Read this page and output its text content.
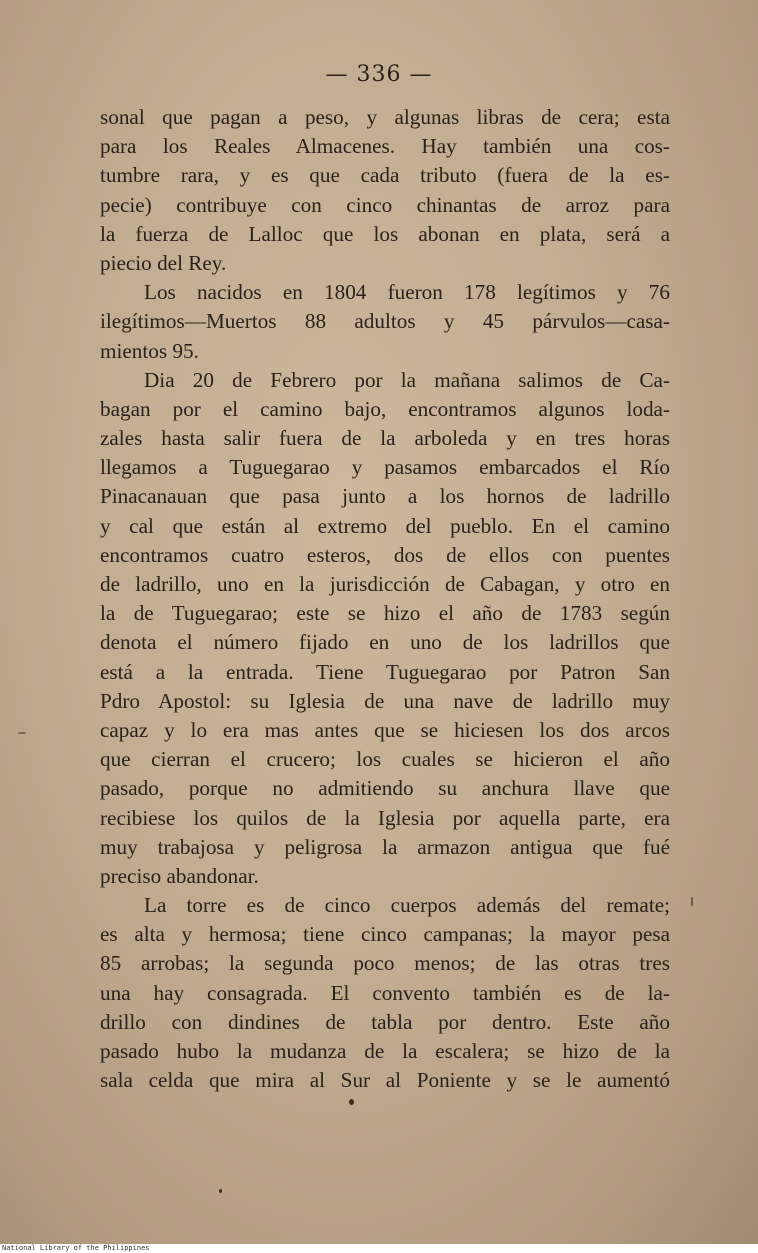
— 336 —
sonal que pagan a peso, y algunas libras de cera; esta
para los Reales Almacenes. Hay también una cos-
tumbre rara, y es que cada tributo (fuera de la es-
pecie) contribuye con cinco chinantas de arroz para
la fuerza de Lalloc que los abonan en plata, será a
piecio del Rey.
Los nacidos en 1804 fueron 178 legítimos y 76
ilegítimos—Muertos 88 adultos y 45 párvulos—casa-
mientos 95.
Dia 20 de Febrero por la mañana salimos de Ca-
bagan por el camino bajo, encontramos algunos loda-
zales hasta salir fuera de la arboleda y en tres horas
llegamos a Tuguegarao y pasamos embarcados el Río
Pinacanauan que pasa junto a los hornos de ladrillo
y cal que están al extremo del pueblo. En el camino
encontramos cuatro esteros, dos de ellos con puentes
de ladrillo, uno en la jurisdicción de Cabagan, y otro en
la de Tuguegarao; este se hizo el año de 1783 según
denota el número fijado en uno de los ladrillos que
está a la entrada. Tiene Tuguegarao por Patron San
Pdro Apostol: su Iglesia de una nave de ladrillo muy
capaz y lo era mas antes que se hiciesen los dos arcos
que cierran el crucero; los cuales se hicieron el año
pasado, porque no admitiendo su anchura llave que
recibiese los quilos de la Iglesia por aquella parte, era
muy trabajosa y peligrosa la armazon antigua que fué
preciso abandonar.
La torre es de cinco cuerpos además del remate;
es alta y hermosa; tiene cinco campanas; la mayor pesa
85 arrobas; la segunda poco menos; de las otras tres
una hay consagrada. El convento también es de la-
drillo con dindines de tabla por dentro. Este año
pasado hubo la mudanza de la escalera; se hizo de la
sala celda que mira al Sur al Poniente y se le aumentó
National Library of the Philippines
